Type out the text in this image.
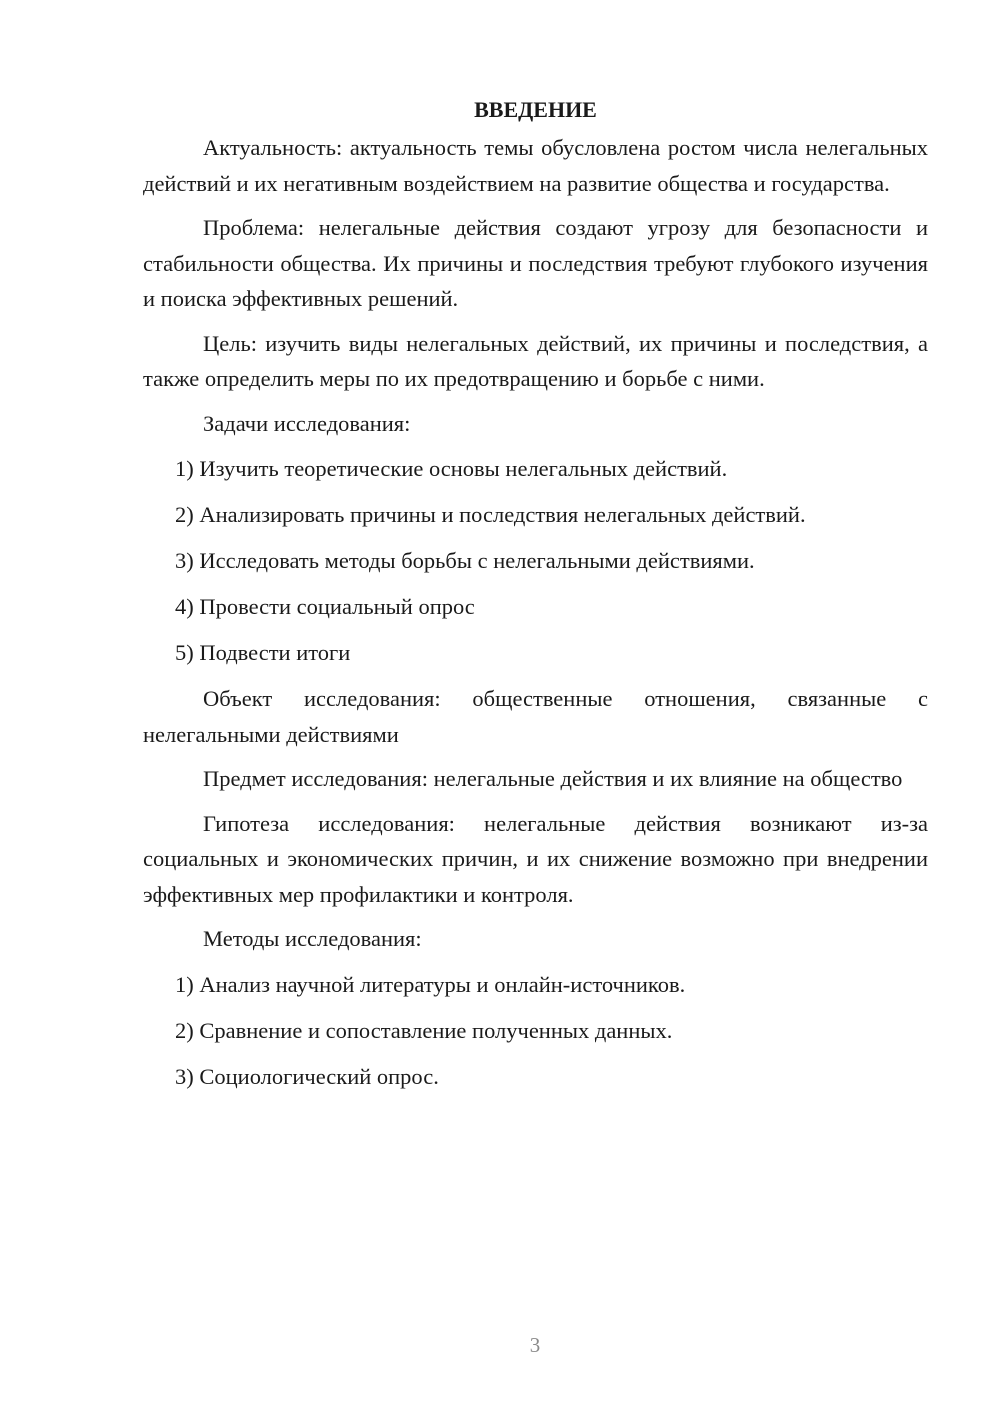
ВВЕДЕНИЕ

Актуальность: актуальность темы обусловлена ростом числа нелегальных действий и их негативным воздействием на развитие общества и государства.

Проблема: нелегальные действия создают угрозу для безопасности и стабильности общества. Их причины и последствия требуют глубокого изучения и поиска эффективных решений.

Цель: изучить виды нелегальных действий, их причины и последствия, а также определить меры по их предотвращению и борьбе с ними.

Задачи исследования:
1) Изучить теоретические основы нелегальных действий.
2) Анализировать причины и последствия нелегальных действий.
3) Исследовать методы борьбы с нелегальными действиями.
4) Провести социальный опрос
5) Подвести итоги

Объект исследования: общественные отношения, связанные с нелегальными действиями

Предмет исследования: нелегальные действия и их влияние на общество

Гипотеза исследования: нелегальные действия возникают из-за социальных и экономических причин, и их снижение возможно при внедрении эффективных мер профилактики и контроля.

Методы исследования:
1) Анализ научной литературы и онлайн-источников.
2) Сравнение и сопоставление полученных данных.
3) Социологический опрос.
3
